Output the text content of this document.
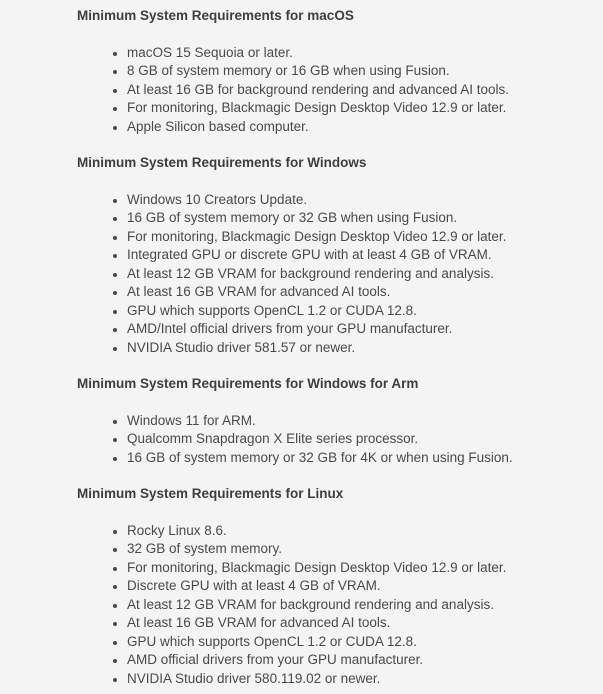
Minimum System Requirements for macOS
• macOS 15 Sequoia or later.
• 8 GB of system memory or 16 GB when using Fusion.
• At least 16 GB for background rendering and advanced AI tools.
• For monitoring, Blackmagic Design Desktop Video 12.9 or later.
• Apple Silicon based computer.
Minimum System Requirements for Windows
• Windows 10 Creators Update.
• 16 GB of system memory or 32 GB when using Fusion.
• For monitoring, Blackmagic Design Desktop Video 12.9 or later.
• Integrated GPU or discrete GPU with at least 4 GB of VRAM.
• At least 12 GB VRAM for background rendering and analysis.
• At least 16 GB VRAM for advanced AI tools.
• GPU which supports OpenCL 1.2 or CUDA 12.8.
• AMD/Intel official drivers from your GPU manufacturer.
• NVIDIA Studio driver 581.57 or newer.
Minimum System Requirements for Windows for Arm
• Windows 11 for ARM.
• Qualcomm Snapdragon X Elite series processor.
• 16 GB of system memory or 32 GB for 4K or when using Fusion.
Minimum System Requirements for Linux
• Rocky Linux 8.6.
• 32 GB of system memory.
• For monitoring, Blackmagic Design Desktop Video 12.9 or later.
• Discrete GPU with at least 4 GB of VRAM.
• At least 12 GB VRAM for background rendering and analysis.
• At least 16 GB VRAM for advanced AI tools.
• GPU which supports OpenCL 1.2 or CUDA 12.8.
• AMD official drivers from your GPU manufacturer.
• NVIDIA Studio driver 580.119.02 or newer.
